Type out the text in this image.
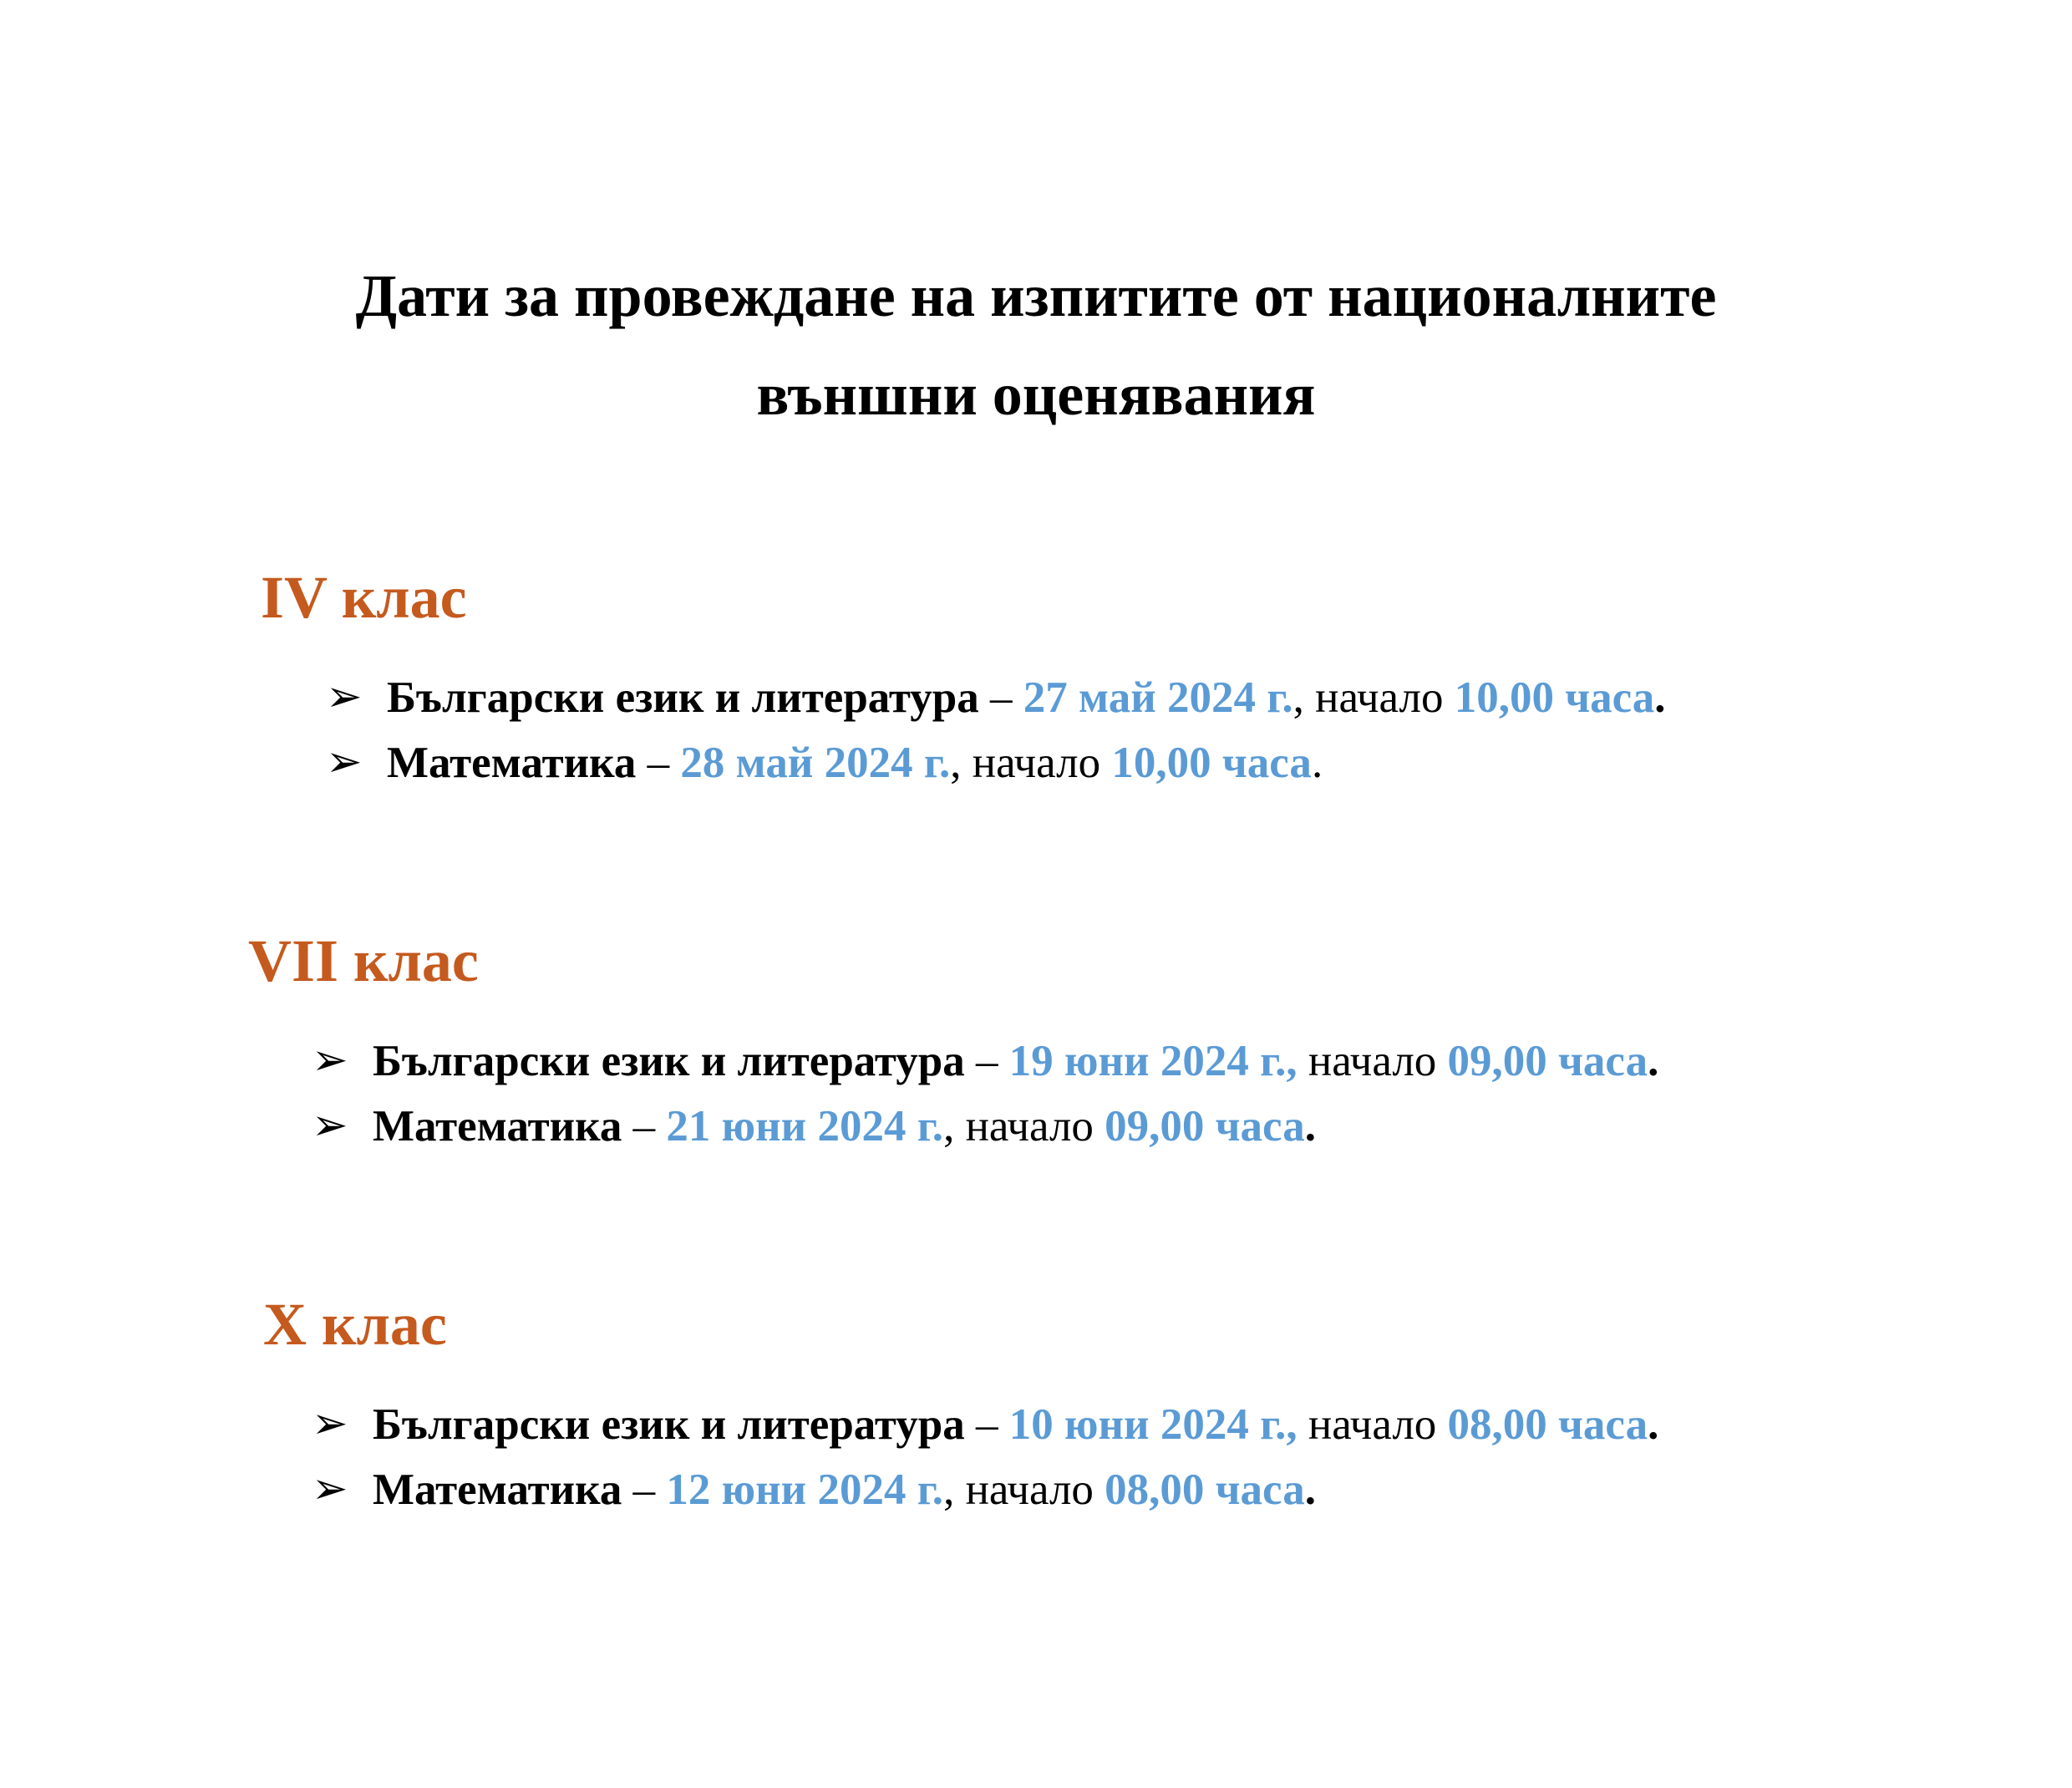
Дати за провеждане на изпитите от националните
външни оценявания
IV клас
➢ Български език и литература – 27 май 2024 г., начало 10,00 часа.
➢ Математика – 28 май 2024 г., начало 10,00 часа.
VII клас
➢ Български език и литература – 19 юни 2024 г., начало 09,00 часа.
➢ Математика – 21 юни 2024 г., начало 09,00 часа.
X клас
➢ Български език и литература – 10 юни 2024 г., начало 08,00 часа.
➢ Математика – 12 юни 2024 г., начало 08,00 часа.
